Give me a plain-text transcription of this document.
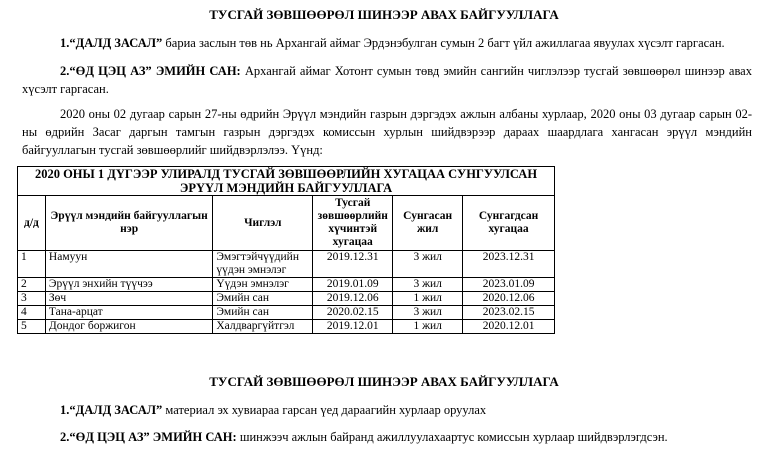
ТУСГАЙ ЗӨВШӨӨРӨЛ ШИНЭЭР АВАХ БАЙГУУЛЛАГА
1.“ДАЛД ЗАСАЛ” бариа заслын төв нь Архангай аймаг Эрдэнэбулган сумын 2 багт үйл ажиллагаа явуулах хүсэлт гаргасан.
2.“ӨД ЦЭЦ АЗ” ЭМИЙН САН: Архангай аймаг Хотонт сумын төвд эмийн сангийн чиглэлээр тусгай зөвшөөрөл шинээр авах хүсэлт гаргасан.
2020 оны 02 дугаар сарын 27-ны өдрийн Эрүүл мэндийн газрын дэргэдэх ажлын албаны хурлаар, 2020 оны 03 дугаар сарын 02-ны өдрийн Засаг даргын тамгын газрын дэргэдэх комиссын хурлын шийдвэрээр дараах шаардлага хангасан эрүүл мэндийн байгууллагын тусгай зөвшөөрлийг шийдвэрлэлээ. Үүнд:
2020 ОНЫ 1 ДҮГЭЭР УЛИРАЛД ТУСГАЙ ЗӨВШӨӨРЛИЙН ХУГАЦАА СУНГУУЛСАН
ЭРҮҮЛ МЭНДИЙН БАЙГУУЛЛАГА					

д/д	Эрүүл мэндийн байгууллагын нэр	Чиглэл	Тусгай зөвшөөрлийн хүчинтэй хугацаа	Сунгасан жил	Сунгагдсан хугацаа
1	Намуун	Эмэгтэйчүүдийн үүдэн эмнэлэг	2019.12.31	3 жил	2023.12.31
2	Эрүүл энхийн түүчээ	Үүдэн эмнэлэг	2019.01.09	3 жил	2023.01.09
3	Зөч	Эмийн сан	2019.12.06	1 жил	2020.12.06
4	Тана-арцат	Эмийн сан	2020.02.15	3 жил	2023.02.15
5	Дондог боржигон	Халдваргүйтгэл	2019.12.01	1 жил	2020.12.01
ТУСГАЙ ЗӨВШӨӨРӨЛ ШИНЭЭР АВАХ БАЙГУУЛЛАГА
1.“ДАЛД ЗАСАЛ” материал эх хувиараа гарсан үед дараагийн хурлаар оруулах
2.“ӨД ЦЭЦ АЗ” ЭМИЙН САН: шинжээч ажлын байранд ажиллуулахаартус комиссын хурлаар шийдвэрлэгдсэн.
